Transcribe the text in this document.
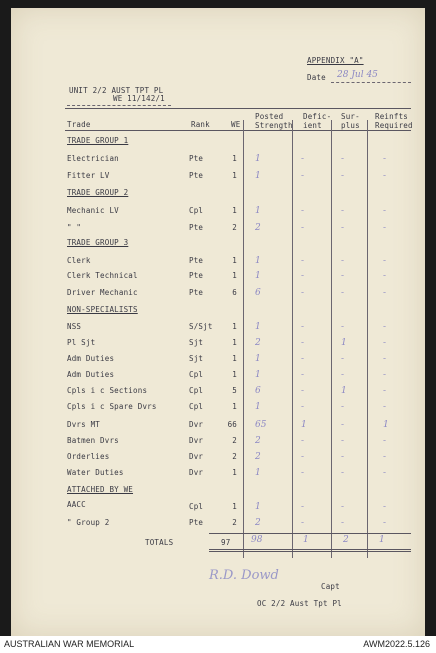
APPENDIX "A"
Date 28 Jul 45
UNIT 2/2 AUST TPT PL
WE 11/142/1
Posted
Strength
Defic-
ient
Sur-
plus
Reinfts
Required
Trade	Rank	WE
TRADE GROUP 1
Electrician	Pte	1 1	-	-	-
Fitter LV	Pte	1 1	-	-	-
TRADE GROUP 2
Mechanic LV	Cpl	1 1	-	-	-
" "	Pte	2 2	-	-	-
TRADE GROUP 3
Clerk	Pte	1 1	-	-	-
Clerk Technical	Pte	1 1	-	-	-
Driver Mechanic	Pte	6 6	-	-	-
NON-SPECIALISTS
NSS	S/Sjt	1 1	-	-	-
Pl Sjt	Sjt	1 2	-	1	-
Adm Duties	Sjt	1 1	-	-	-
Adm Duties	Cpl	1 1	-	-	-
Cpls i c Sections	Cpl	5 6	-	1	-
Cpls i c Spare Dvrs	Cpl	1 1	-	-	-
Dvrs MT	Dvr	66 65	1	-	1
Batmen Dvrs	Dvr	2 2	-	-	-
Orderlies	Dvr	2 2	-	-	-
Water Duties	Dvr	1 1	-	-	-
ATTACHED BY WE
AACC	Cpl	1 1	-	-	-
" Group 2	Pte	2 2	-	-	-
TOTALS	97 98	1	2	1
R.D. Dowd
Capt
OC 2/2 Aust Tpt Pl
AUSTRALIAN WAR MEMORIAL	AWM2022.5.126
